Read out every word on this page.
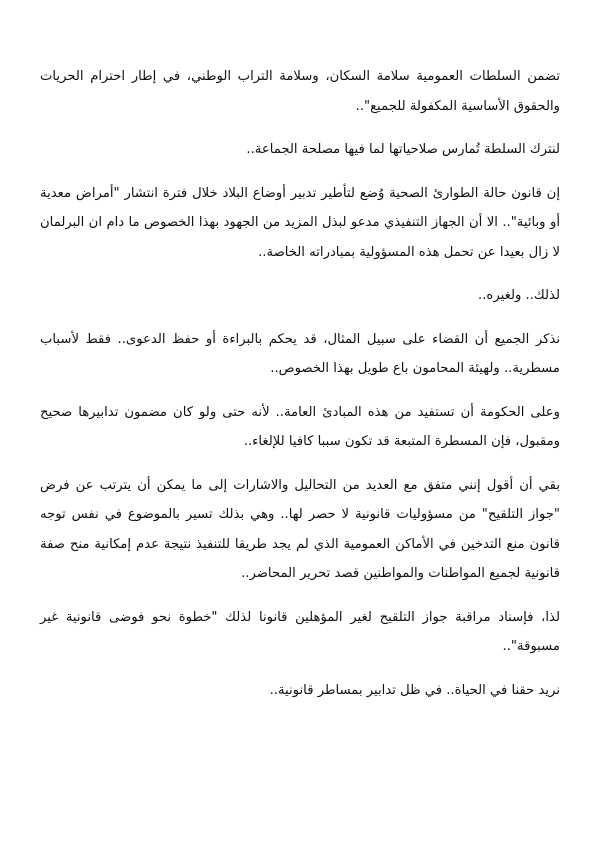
تضمن السلطات العمومية سلامة السكان، وسلامة التراب الوطني، في إطار احترام الحريات والحقوق الأساسية المكفولة للجميع"..

لنترك السلطة تُمارس صلاحياتها لما فيها مصلحة الجماعة..

إن قانون حالة الطوارئ الصحية وُضع لتأطير تدبير أوضاع البلاد خلال فترة انتشار "أمراض معدية أو وبائية".. الا أن الجهاز التنفيذي مدعو لبذل المزيد من الجهود بهذا الخصوص ما دام ان البرلمان لا زال بعيدا عن تحمل هذه المسؤولية بمبادراته الخاصة..

لذلك.. ولغيره..

نذكر الجميع أن القضاء على سبيل المثال، قد يحكم بالبراءة أو حفظ الدعوى.. فقط لأسباب مسطرية.. ولهيئة المحامون باع طويل بهذا الخصوص..

وعلى الحكومة أن تستفيد من هذه المبادئ العامة.. لأنه حتى ولو كان مضمون تدابيرها صحيح ومقبول، فإن المسطرة المتبعة قد تكون سببا كافيا للإلغاء..

بقي أن أقول إنني متفق مع العديد من التحاليل والاشارات إلى ما يمكن أن يترتب عن فرض "جواز التلقيح" من مسؤوليات قانونية لا حصر لها.. وهي بذلك تسير بالموضوع في نفس توجه قانون منع التدخين في الأماكن العمومية الذي لم يجد طريقا للتنفيذ نتيجة عدم إمكانية منح صفة قانونية لجميع المواطنات والمواطنين قصد تحرير المحاضر..

لذا، فإسناد مراقبة جواز التلقيح لغير المؤهلين قانونا لذلك "خطوة نحو فوضى قانونية غير مسبوقة"..

نريد حقنا في الحياة.. في ظل تدابير بمساطر قانونية..
